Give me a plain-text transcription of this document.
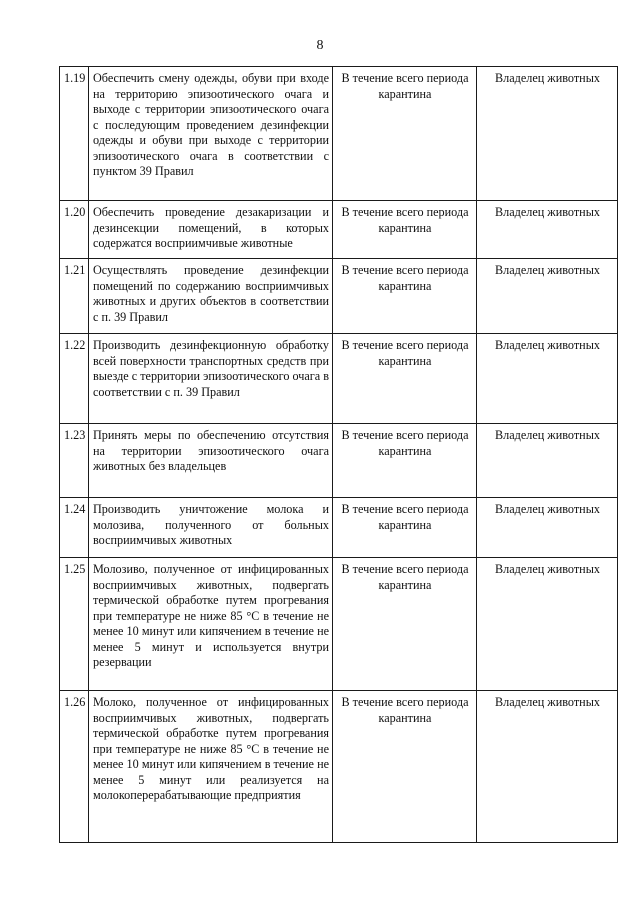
8
1.19	Обеспечить смену одежды, обуви при входе на территорию эпизоотического очага и выходе с территории эпизоотического очага с последующим проведением дезинфекции одежды и обуви при выходе с территории эпизоотического очага в соответствии с пунктом 39 Правил	В течение всего периода карантина	Владелец животных
1.20	Обеспечить проведение дезакаризации и дезинсекции помещений, в которых содержатся восприимчивые животные	В течение всего периода карантина	Владелец животных
1.21	Осуществлять проведение дезинфекции помещений по содержанию восприимчивых животных и других объектов в соответствии с п. 39 Правил	В течение всего периода карантина	Владелец животных
1.22	Производить дезинфекционную обработку всей поверхности транспортных средств при выезде с территории эпизоотического очага в соответствии с п. 39 Правил	В течение всего периода карантина	Владелец животных
1.23	Принять меры по обеспечению отсутствия на территории эпизоотического очага животных без владельцев	В течение всего периода карантина	Владелец животных
1.24	Производить уничтожение молока и молозива, полученного от больных восприимчивых животных	В течение всего периода карантина	Владелец животных
1.25	Молозиво, полученное от инфицированных восприимчивых животных, подвергать термической обработке путем прогревания при температуре не ниже 85 °С в течение не менее 10 минут или кипячением в течение не менее 5 минут и используется внутри резервации	В течение всего периода карантина	Владелец животных
1.26	Молоко, полученное от инфицированных восприимчивых животных, подвергать термической обработке путем прогревания при температуре не ниже 85 °С в течение не менее 10 минут или кипячением в течение не менее 5 минут или реализуется на молокоперерабатывающие предприятия	В течение всего периода карантина	Владелец животных
